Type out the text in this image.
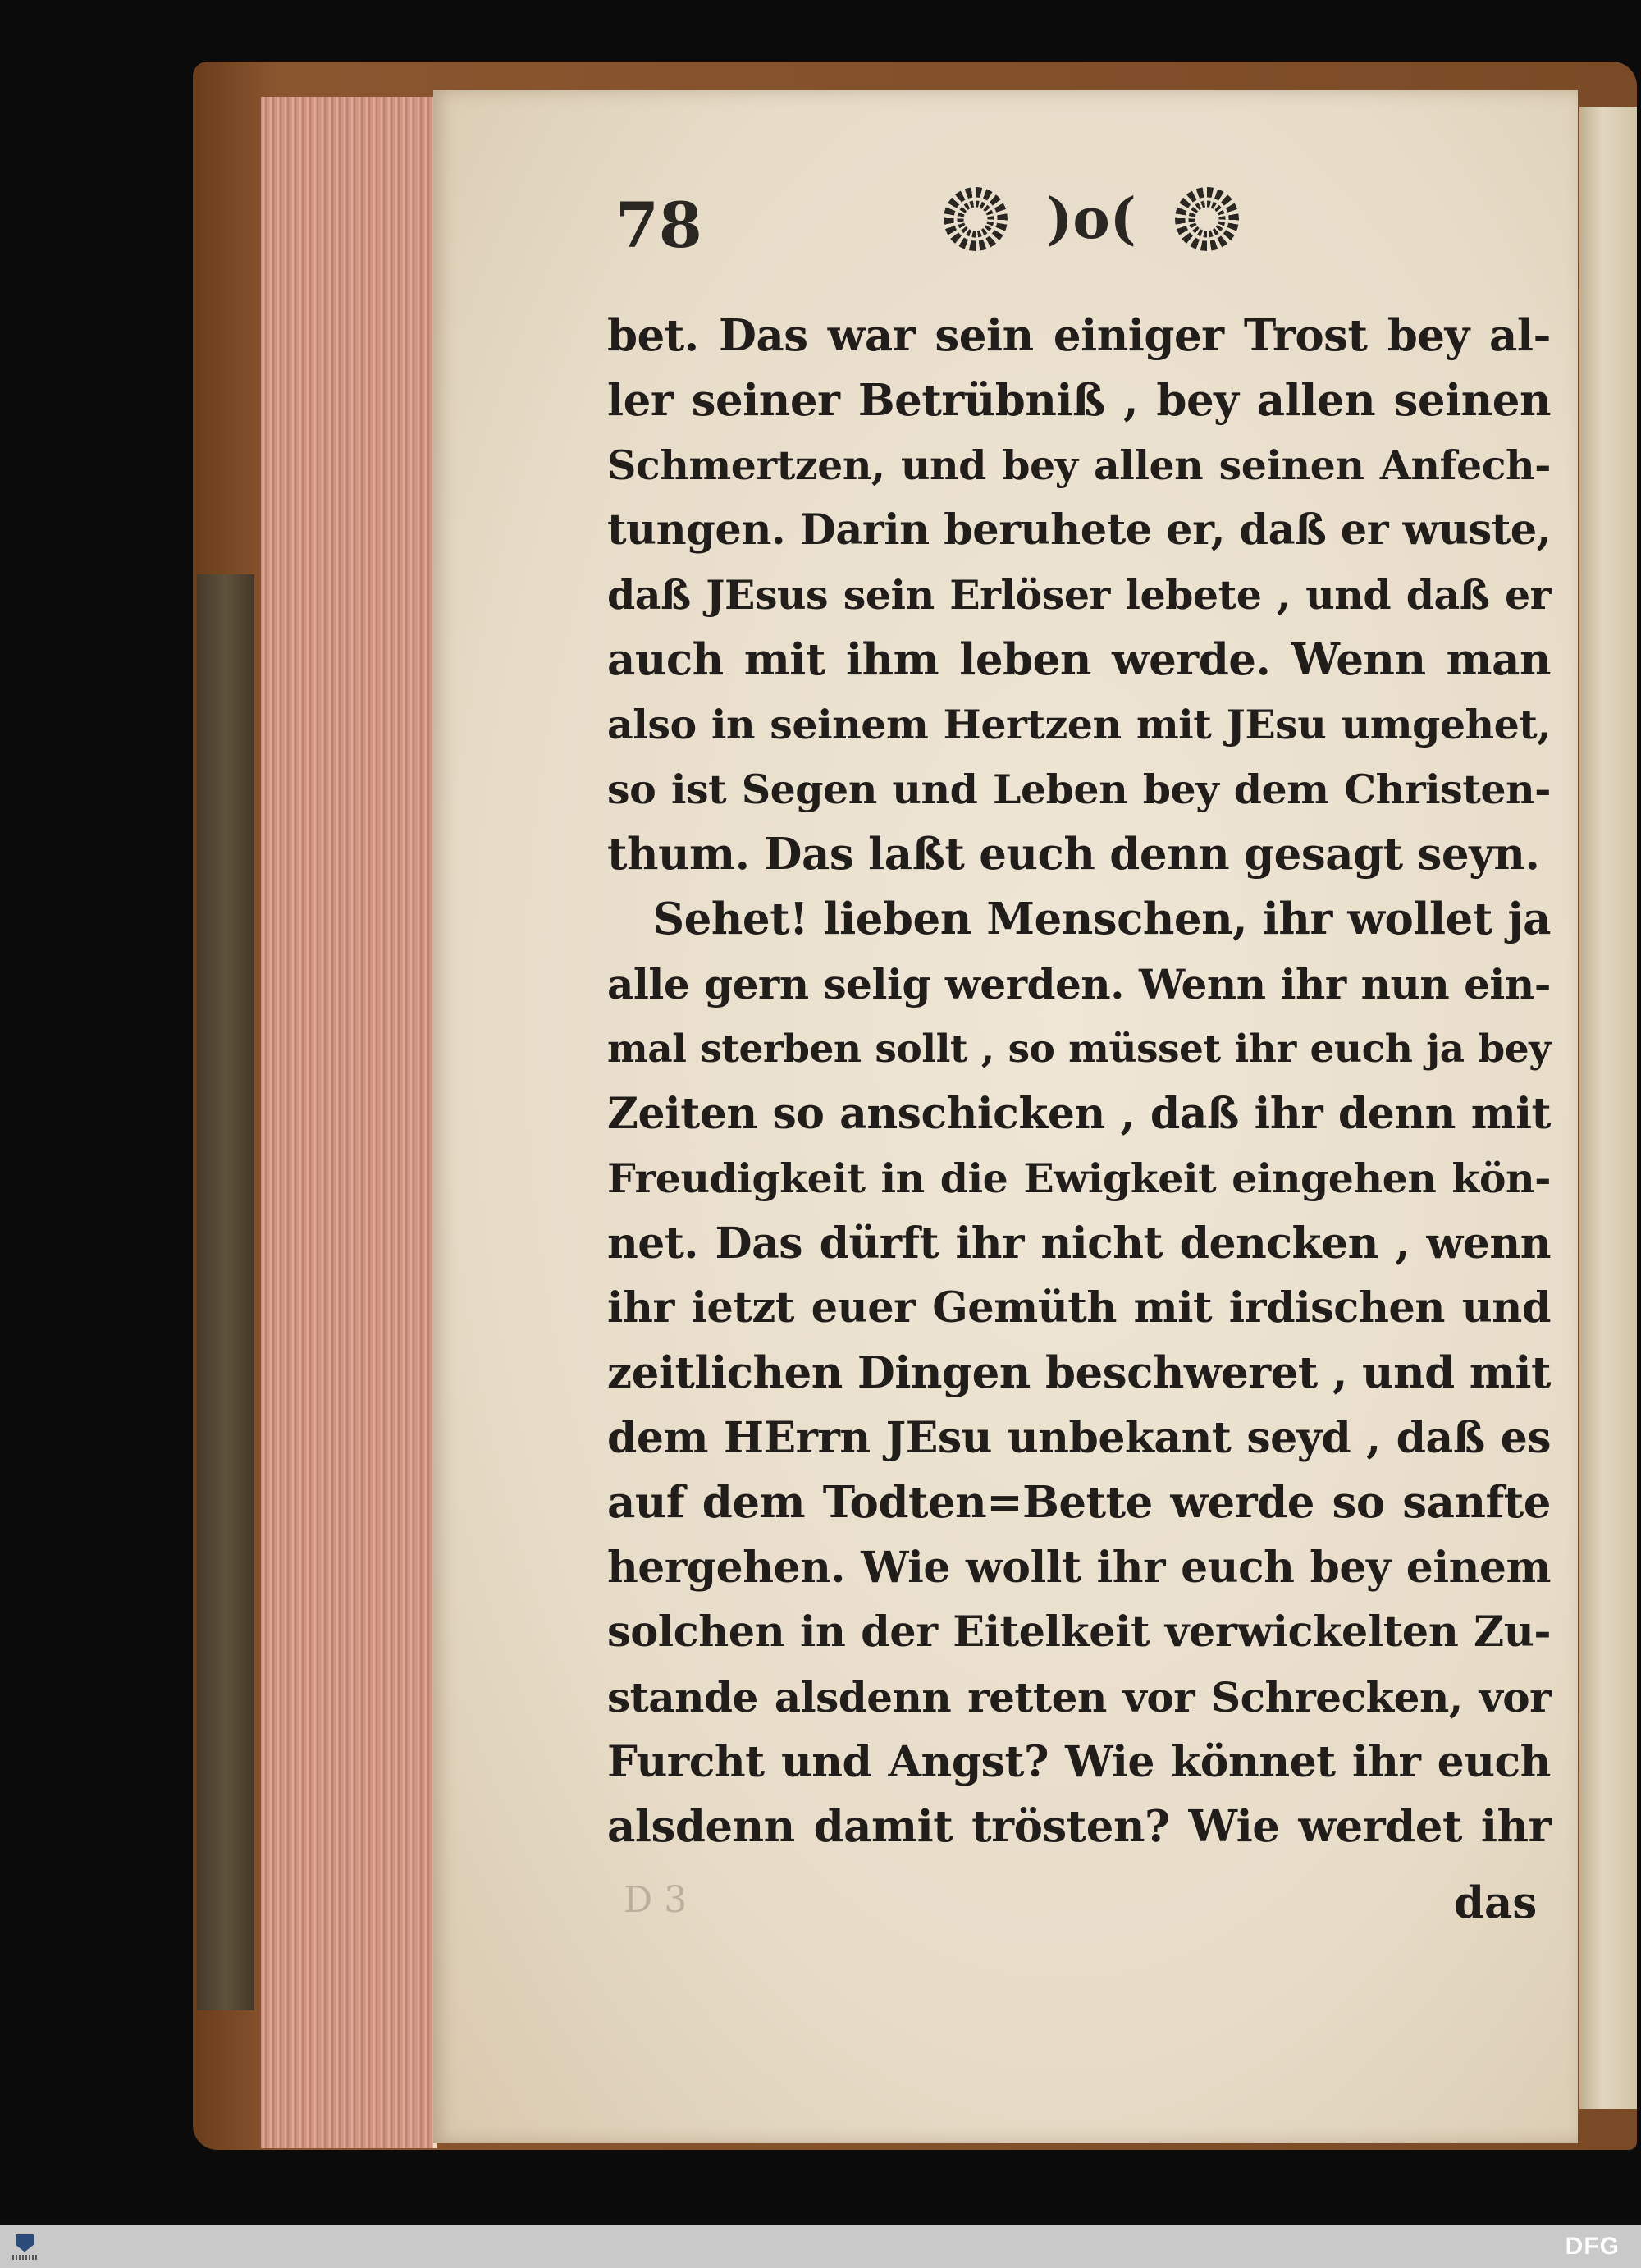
78	)o(
bet. Das war sein einiger Trost bey al-
ler seiner Betrübniß , bey allen seinen
Schmertzen, und bey allen seinen Anfech-
tungen. Darin beruhete er, daß er wuste,
daß JEsus sein Erlöser lebete , und daß er
auch mit ihm leben werde. Wenn man
also in seinem Hertzen mit JEsu umgehet,
so ist Segen und Leben bey dem Christen-
thum. Das laßt euch denn gesagt seyn.
Sehet! lieben Menschen, ihr wollet ja
alle gern selig werden. Wenn ihr nun ein-
mal sterben sollt , so müsset ihr euch ja bey
Zeiten so anschicken , daß ihr denn mit
Freudigkeit in die Ewigkeit eingehen kön-
net. Das dürft ihr nicht dencken , wenn
ihr ietzt euer Gemüth mit irdischen und
zeitlichen Dingen beschweret , und mit
dem HErrn JEsu unbekant seyd , daß es
auf dem Todten=Bette werde so sanfte
hergehen. Wie wollt ihr euch bey einem
solchen in der Eitelkeit verwickelten Zu-
stande alsdenn retten vor Schrecken, vor
Furcht und Angst? Wie könnet ihr euch
alsdenn damit trösten? Wie werdet ihr
D 3	das
DFG
